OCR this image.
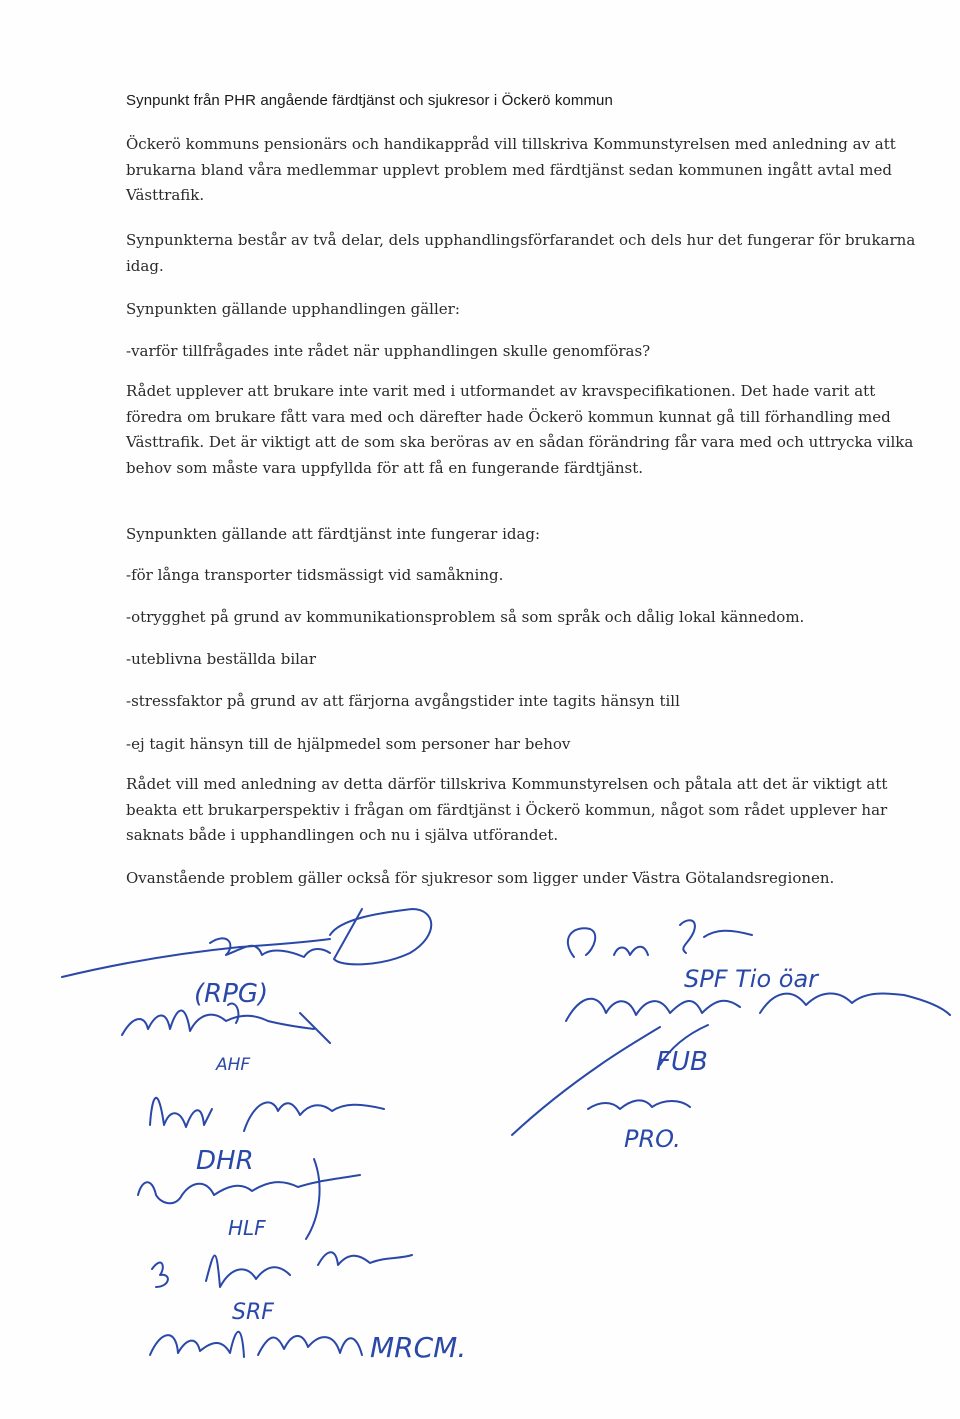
Synpunkt från PHR angående färdtjänst och sjukresor i Öckerö kommun

Öckerö kommuns pensionärs och handikappråd vill tillskriva Kommunstyrelsen med anledning av att brukarna bland våra medlemmar upplevt problem med färdtjänst sedan kommunen ingått avtal med Västtrafik.

Synpunkterna består av två delar, dels upphandlingsförfarandet och dels hur det fungerar för brukarna idag.

Synpunkten gällande upphandlingen gäller:

-varför tillfrågades inte rådet när upphandlingen skulle genomföras?

Rådet upplever att brukare inte varit med i utformandet av kravspecifikationen. Det hade varit att föredra om brukare fått vara med och därefter hade Öckerö kommun kunnat gå till förhandling med Västtrafik. Det är viktigt att de som ska beröras av en sådan förändring får vara med och uttrycka vilka behov som måste vara uppfyllda för att få en fungerande färdtjänst.

Synpunkten gällande att färdtjänst inte fungerar idag:

-för långa transporter tidsmässigt vid samåkning.

-otrygghet på grund av kommunikationsproblem så som språk och dålig lokal kännedom.

-uteblivna beställda bilar

-stressfaktor på grund av att färjorna avgångstider inte tagits hänsyn till

-ej tagit hänsyn till de hjälpmedel som personer har behov

Rådet vill med anledning av detta därför tillskriva Kommunstyrelsen och påtala att det är viktigt att beakta ett brukarperspektiv i frågan om färdtjänst i Öckerö kommun, något som rådet upplever har saknats både i upphandlingen och nu i själva utförandet.

Ovanstående problem gäller också för sjukresor som ligger under Västra Götalandsregionen.

(RPG)
AHF
DHR
HLF
SRF
MRCM.
SPF Tio öar
FUB
PRO.
